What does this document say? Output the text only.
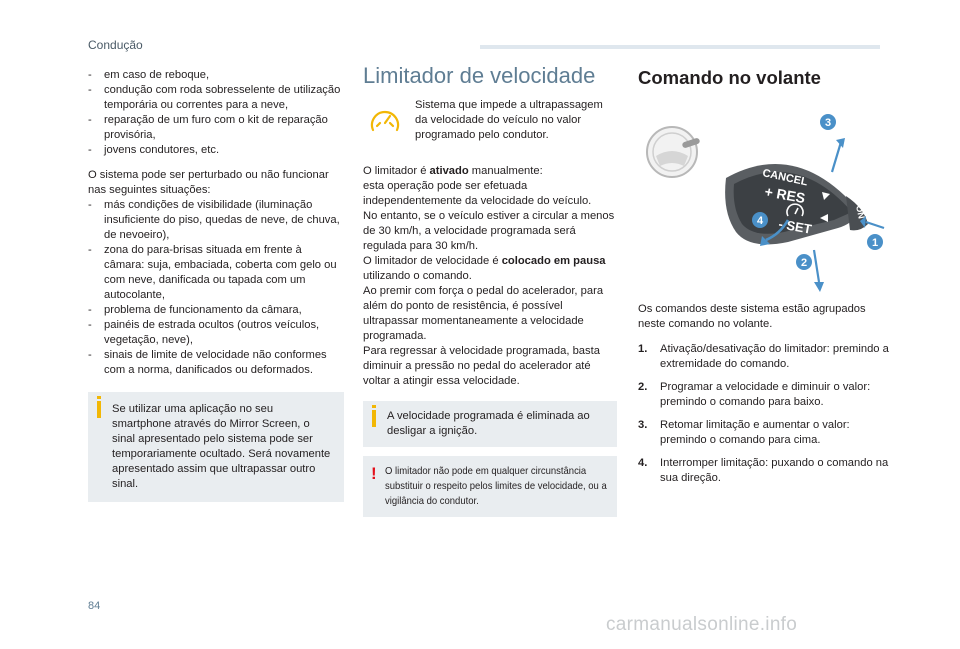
Condução
- em caso de reboque,
- condução com roda sobresselente de utilização temporária ou correntes para a neve,
- reparação de um furo com o kit de reparação provisória,
- jovens condutores, etc.

O sistema pode ser perturbado ou não funcionar nas seguintes situações:

- más condições de visibilidade (iluminação insuficiente do piso, quedas de neve, de chuva, de nevoeiro),
- zona do para-brisas situada em frente à câmara: suja, embaciada, coberta com gelo ou com neve, danificada ou tapada com um autocolante,
- problema de funcionamento da câmara,
- painéis de estrada ocultos (outros veículos, vegetação, neve),
- sinais de limite de velocidade não conformes com a norma, danificados ou deformados.

Se utilizar uma aplicação no seu smartphone através do Mirror Screen, o sinal apresentado pelo sistema pode ser temporariamente ocultado. Será novamente apresentado assim que ultrapassar outro sinal.

Limitador de velocidade

Sistema que impede a ultrapassagem da velocidade do veículo no valor programado pelo condutor.

O limitador é ativado manualmente:

esta operação pode ser efetuada independentemente da velocidade do veículo.

No entanto, se o veículo estiver a circular a menos de 30 km/h, a velocidade programada será regulada para 30 km/h.

O limitador de velocidade é colocado em pausa utilizando o comando.

Ao premir com força o pedal do acelerador, para além do ponto de resistência, é possível ultrapassar momentaneamente a velocidade programada.

Para regressar à velocidade programada, basta diminuir a pressão no pedal do acelerador até voltar a atingir essa velocidade.

A velocidade programada é eliminada ao desligar a ignição.

! O limitador não pode em qualquer circunstância substituir o respeito pelos limites de velocidade, ou a vigilância do condutor.

Comando no volante
CANCEL
+ RES
- SET
ON
3
4
1
2

Os comandos deste sistema estão agrupados neste comando no volante.

1. Ativação/desativação do limitador: premindo a extremidade do comando.
2. Programar a velocidade e diminuir o valor: premindo o comando para baixo.
3. Retomar limitação e aumentar o valor: premindo o comando para cima.
4. Interromper limitação: puxando o comando na sua direção.
84
carmanualsonline.info
